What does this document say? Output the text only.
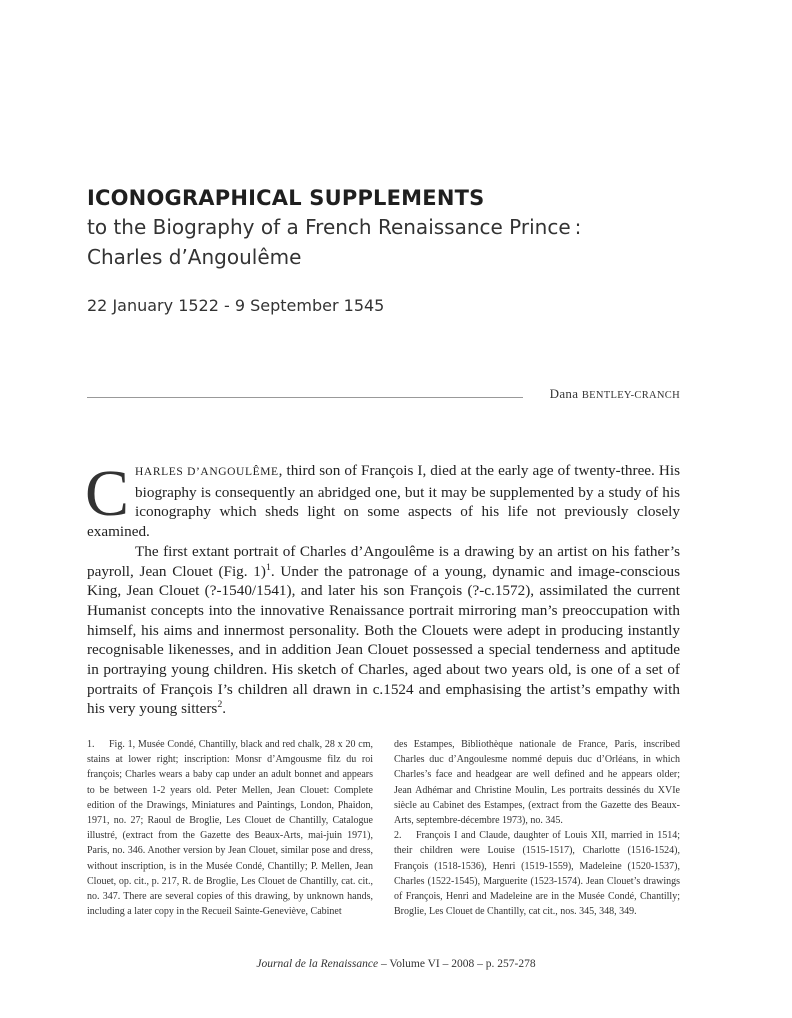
ICONOGRAPHICAL SUPPLEMENTS

to the Biography of a French Renaissance Prince :

Charles d’Angoulême

22 January 1522 - 9 September 1545
Dana BENTLEY-CRANCH

CHARLES D’ANGOULÊME, third son of François I, died at the early age of twenty-three. His biography is consequently an abridged one, but it may be supplemented by a study of his iconography which sheds light on some aspects of his life not previously closely examined.

The first extant portrait of Charles d’Angoulême is a drawing by an artist on his father’s payroll, Jean Clouet (Fig. 1)$^1$. Under the patronage of a young, dynamic and image-conscious King, Jean Clouet (?-1540/1541), and later his son François (?-c.1572), assimilated the current Humanist concepts into the innovative Renaissance portrait mirroring man’s preoccupation with himself, his aims and innermost personality. Both the Clouets were adept in producing instantly recognisable likenesses, and in addition Jean Clouet possessed a special tenderness and aptitude in portraying young children. His sketch of Charles, aged about two years old, is one of a set of portraits of François I’s children all drawn in c.1524 and emphasising the artist’s empathy with his very young sitters$^2$.

1. Fig. 1, Musée Condé, Chantilly, black and red chalk, 28 x 20 cm, stains at lower right; inscription: Monsr d’Amgousme filz du roi françois; Charles wears a baby cap under an adult bonnet and appears to be between 1-2 years old. Peter Mellen, Jean Clouet: Complete edition of the Drawings, Miniatures and Paintings, London, Phaidon, 1971, no. 27; Raoul de Broglie, Les Clouet de Chantilly, Catalogue illustré, (extract from the Gazette des Beaux-Arts, mai-juin 1971), Paris, no. 346. Another version by Jean Clouet, similar pose and dress, without inscription, is in the Musée Condé, Chantilly; P. Mellen, Jean Clouet, op. cit., p. 217, R. de Broglie, Les Clouet de Chantilly, cat. cit., no. 347. There are several copies of this drawing, by unknown hands, including a later copy in the Recueil Sainte-Geneviève, Cabinet

des Estampes, Bibliothèque nationale de France, Paris, inscribed Charles duc d’Angoulesme nommé depuis duc d’Orléans, in which Charles’s face and headgear are well defined and he appears older; Jean Adhémar and Christine Moulin, Les portraits dessinés du XVIe siècle au Cabinet des Estampes, (extract from the Gazette des Beaux-Arts, septembre-décembre 1973), no. 345.

2. François I and Claude, daughter of Louis XII, married in 1514; their children were Louise (1515-1517), Charlotte (1516-1524), François (1518-1536), Henri (1519-1559), Madeleine (1520-1537), Charles (1522-1545), Marguerite (1523-1574). Jean Clouet’s drawings of François, Henri and Madeleine are in the Musée Condé, Chantilly; Broglie, Les Clouet de Chantilly, cat cit., nos. 345, 348, 349.

Journal de la Renaissance – Volume VI – 2008 – p. 257-278
